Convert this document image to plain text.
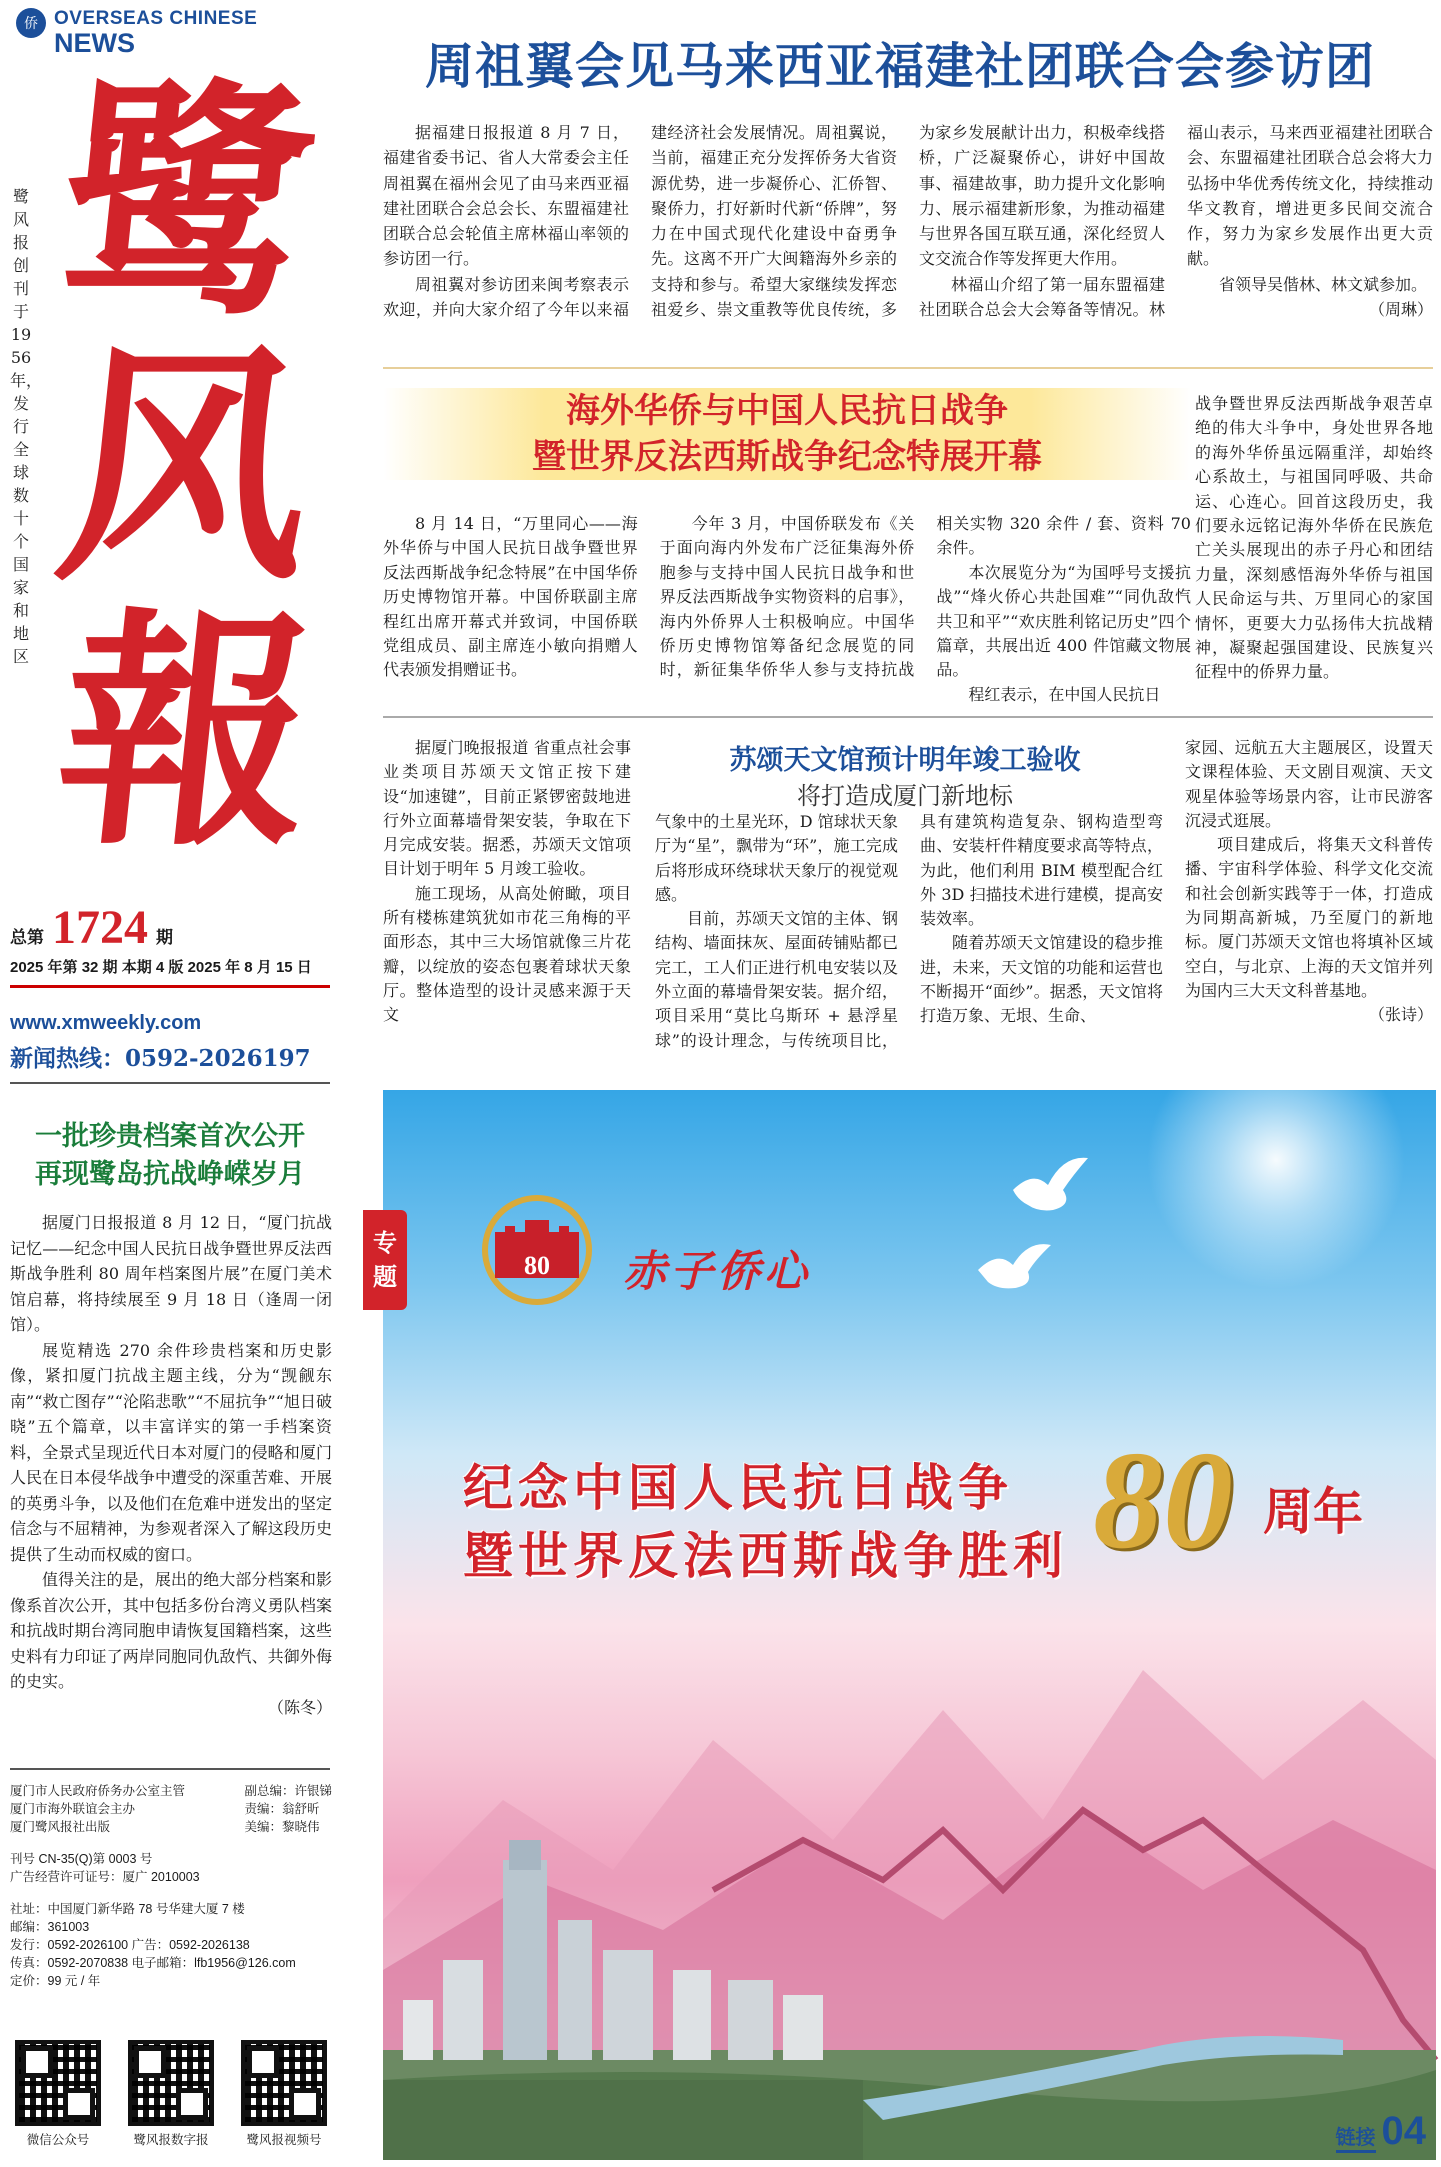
侨 OVERSEAS CHINESE
NEWS
鹭风报创刊于1956年，发行全球数十个国家和地区
鹭
风
報
总第 1724 期
2025 年第 32 期 本期 4 版 2025 年 8 月 15 日
www.xmweekly.com
新闻热线：0592-2026197
一批珍贵档案首次公开
再现鹭岛抗战峥嵘岁月

据厦门日报报道 8 月 12 日，“厦门抗战记忆——纪念中国人民抗日战争暨世界反法西斯战争胜利 80 周年档案图片展”在厦门美术馆启幕，将持续展至 9 月 18 日（逢周一闭馆）。

展览精选 270 余件珍贵档案和历史影像，紧扣厦门抗战主题主线，分为“觊觎东南”“救亡图存”“沦陷悲歌”“不屈抗争”“旭日破晓”五个篇章，以丰富详实的第一手档案资料，全景式呈现近代日本对厦门的侵略和厦门人民在日本侵华战争中遭受的深重苦难、开展的英勇斗争，以及他们在危难中迸发出的坚定信念与不屈精神，为参观者深入了解这段历史提供了生动而权威的窗口。

值得关注的是，展出的绝大部分档案和影像系首次公开，其中包括多份台湾义勇队档案和抗战时期台湾同胞申请恢复国籍档案，这些史料有力印证了两岸同胞同仇敌忾、共御外侮的史实。

（陈冬）

厦门市人民政府侨务办公室主管
厦门市海外联谊会主办
厦门鹭风报社出版
副总编：许银锑
责编：翁舒昕
美编：黎晓伟
刊号 CN-35(Q)第 0003 号
广告经营许可证号：厦广 2010003
社址：中国厦门新华路 78 号华建大厦 7 楼
邮编：361003
发行：0592-2026100 广告：0592-2026138
传真：0592-2070838 电子邮箱：lfb1956@126.com
定价：99 元 / 年
微信公众号	鹭风报数字报	鹭风报视频号
周祖翼会见马来西亚福建社团联合会参访团

据福建日报报道 8 月 7 日，福建省委书记、省人大常委会主任周祖翼在福州会见了由马来西亚福建社团联合会总会长、东盟福建社团联合总会轮值主席林福山率领的参访团一行。

周祖翼对参访团来闽考察表示欢迎，并向大家介绍了今年以来福建经济社会发展情况。周祖翼说，当前，福建正充分发挥侨务大省资源优势，进一步凝侨心、汇侨智、聚侨力，打好新时代新“侨牌”，努力在中国式现代化建设中奋勇争先。这离不开广大闽籍海外乡亲的支持和参与。希望大家继续发挥恋祖爱乡、崇文重教等优良传统，多为家乡发展献计出力，积极牵线搭桥，广泛凝聚侨心，讲好中国故事、福建故事，助力提升文化影响力、展示福建新形象，为推动福建与世界各国互联互通，深化经贸人文交流合作等发挥更大作用。

林福山介绍了第一届东盟福建社团联合总会大会筹备等情况。林福山表示，马来西亚福建社团联合会、东盟福建社团联合总会将大力弘扬中华优秀传统文化，持续推动华文教育，增进更多民间交流合作，努力为家乡发展作出更大贡献。

省领导吴偕林、林文斌参加。

（周琳）

海外华侨与中国人民抗日战争
暨世界反法西斯战争纪念特展开幕

8 月 14 日，“万里同心——海外华侨与中国人民抗日战争暨世界反法西斯战争纪念特展”在中国华侨历史博物馆开幕。中国侨联副主席程红出席开幕式并致词，中国侨联党组成员、副主席连小敏向捐赠人代表颁发捐赠证书。

今年 3 月，中国侨联发布《关于面向海内外发布广泛征集海外侨胞参与支持中国人民抗日战争和世界反法西斯战争实物资料的启事》，海内外侨界人士积极响应。中国华侨历史博物馆筹备纪念展览的同时，新征集华侨华人参与支持抗战相关实物 320 余件 / 套、资料 70 余件。

本次展览分为“为国呼号支援抗战”“烽火侨心共赴国难”“同仇敌忾共卫和平”“欢庆胜利铭记历史”四个篇章，共展出近 400 件馆藏文物展品。

程红表示，在中国人民抗日

战争暨世界反法西斯战争艰苦卓绝的伟大斗争中，身处世界各地的海外华侨虽远隔重洋，却始终心系故土，与祖国同呼吸、共命运、心连心。回首这段历史，我们要永远铭记海外华侨在民族危亡关头展现出的赤子丹心和团结力量，深刻感悟海外华侨与祖国人民命运与共、万里同心的家国情怀，更要大力弘扬伟大抗战精神，凝聚起强国建设、民族复兴征程中的侨界力量。

据厦门晚报报道 省重点社会事业类项目苏颂天文馆正按下建设“加速键”，目前正紧锣密鼓地进行外立面幕墙骨架安装，争取在下月完成安装。据悉，苏颂天文馆项目计划于明年 5 月竣工验收。

施工现场，从高处俯瞰，项目所有楼栋建筑犹如市花三角梅的平面形态，其中三大场馆就像三片花瓣，以绽放的姿态包裹着球状天象厅。整体造型的设计灵感来源于天文

苏颂天文馆预计明年竣工验收
将打造成厦门新地标

气象中的土星光环，D 馆球状天象厅为“星”，飘带为“环”，施工完成后将形成环绕球状天象厅的视觉观感。

目前，苏颂天文馆的主体、钢结构、墙面抹灰、屋面砖铺贴都已完工，工人们正进行机电安装以及外立面的幕墙骨架安装。据介绍，项目采用“莫比乌斯环 + 悬浮星球”的设计理念，与传统项目比，具有建筑构造复杂、钢构造型弯曲、安装杆件精度要求高等特点，为此，他们利用 BIM 模型配合红外 3D 扫描技术进行建模，提高安装效率。

随着苏颂天文馆建设的稳步推进，未来，天文馆的功能和运营也不断揭开“面纱”。据悉，天文馆将打造万象、无垠、生命、

家园、远航五大主题展区，设置天文课程体验、天文剧目观演、天文观星体验等场景内容，让市民游客沉浸式逛展。

项目建成后，将集天文科普传播、宇宙科学体验、科学文化交流和社会创新实践等于一体，打造成为同期高新城，乃至厦门的新地标。厦门苏颂天文馆也将填补区域空白，与北京、上海的天文馆并列为国内三大天文科普基地。

（张诗）

专题	80 赤子侨心
纪念中国人民抗日战争
暨世界反法西斯战争胜利 80 周年
链接 04
